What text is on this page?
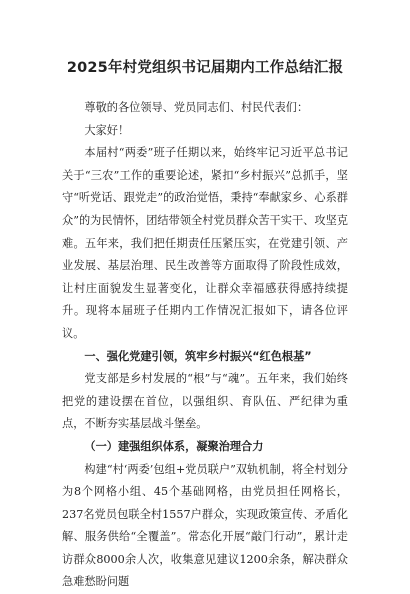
2025年村党组织书记届期内工作总结汇报

尊敬的各位领导、党员同志们、村民代表们：

大家好！

本届村“两委”班子任期以来，始终牢记习近平总书记关于“三农”工作的重要论述，紧扣“乡村振兴”总抓手，坚守“听党话、跟党走”的政治觉悟，秉持“奉献家乡、心系群众”的为民情怀，团结带领全村党员群众苦干实干、攻坚克难。五年来，我们把任期责任压紧压实，在党建引领、产业发展、基层治理、民生改善等方面取得了阶段性成效，让村庄面貌发生显著变化，让群众幸福感获得感持续提升。现将本届班子任期内工作情况汇报如下，请各位评议。

一、强化党建引领，筑牢乡村振兴“红色根基”

党支部是乡村发展的“根”与“魂”。五年来，我们始终把党的建设摆在首位，以强组织、育队伍、严纪律为重点，不断夯实基层战斗堡垒。

（一）建强组织体系，凝聚治理合力

构建“村‘两委’包组+党员联户”双轨机制，将全村划分为8个网格小组、45个基础网格，由党员担任网格长，237名党员包联全村1557户群众，实现政策宣传、矛盾化解、服务供给“全覆盖”。常态化开展“敲门行动”，累计走访群众8000余人次，收集意见建议1200余条，解决群众急难愁盼问题
